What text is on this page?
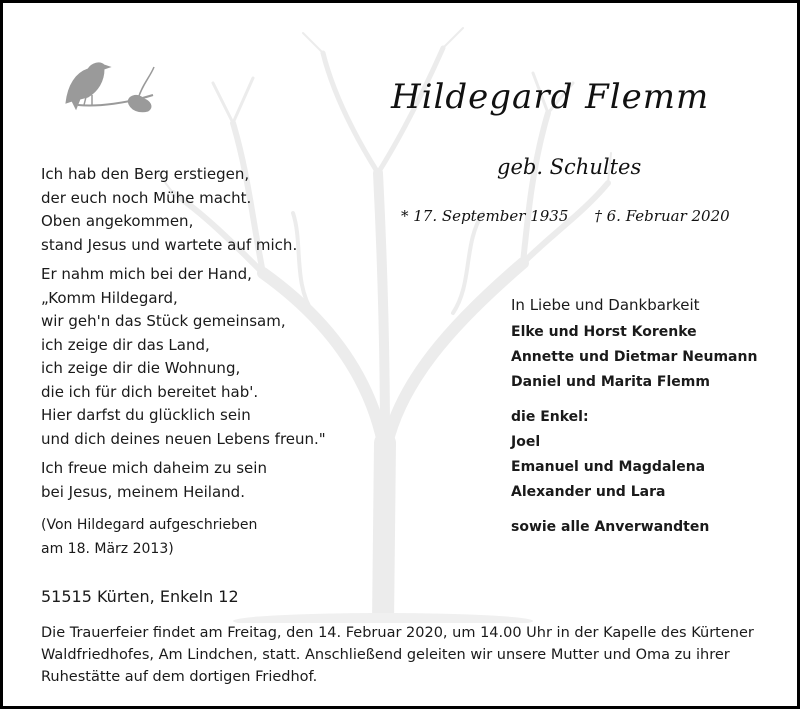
Hildegard Flemm
geb. Schultes
* 17. September 1935 † 6. Februar 2020
Ich hab den Berg erstiegen,
der euch noch Mühe macht.
Oben angekommen,
stand Jesus und wartete auf mich.
Er nahm mich bei der Hand,
„Komm Hildegard,
wir geh'n das Stück gemeinsam,
ich zeige dir das Land,
ich zeige dir die Wohnung,
die ich für dich bereitet hab'.
Hier darfst du glücklich sein
und dich deines neuen Lebens freun."
Ich freue mich daheim zu sein
bei Jesus, meinem Heiland.
(Von Hildegard aufgeschrieben
am 18. März 2013)
In Liebe und Dankbarkeit
Elke und Horst Korenke
Annette und Dietmar Neumann
Daniel und Marita Flemm
die Enkel:
Joel
Emanuel und Magdalena
Alexander und Lara
sowie alle Anverwandten
51515 Kürten, Enkeln 12
Die Trauerfeier findet am Freitag, den 14. Februar 2020, um 14.00 Uhr in der Kapelle des Kürtener
Waldfriedhofes, Am Lindchen, statt. Anschließend geleiten wir unsere Mutter und Oma zu ihrer
Ruhestätte auf dem dortigen Friedhof.
